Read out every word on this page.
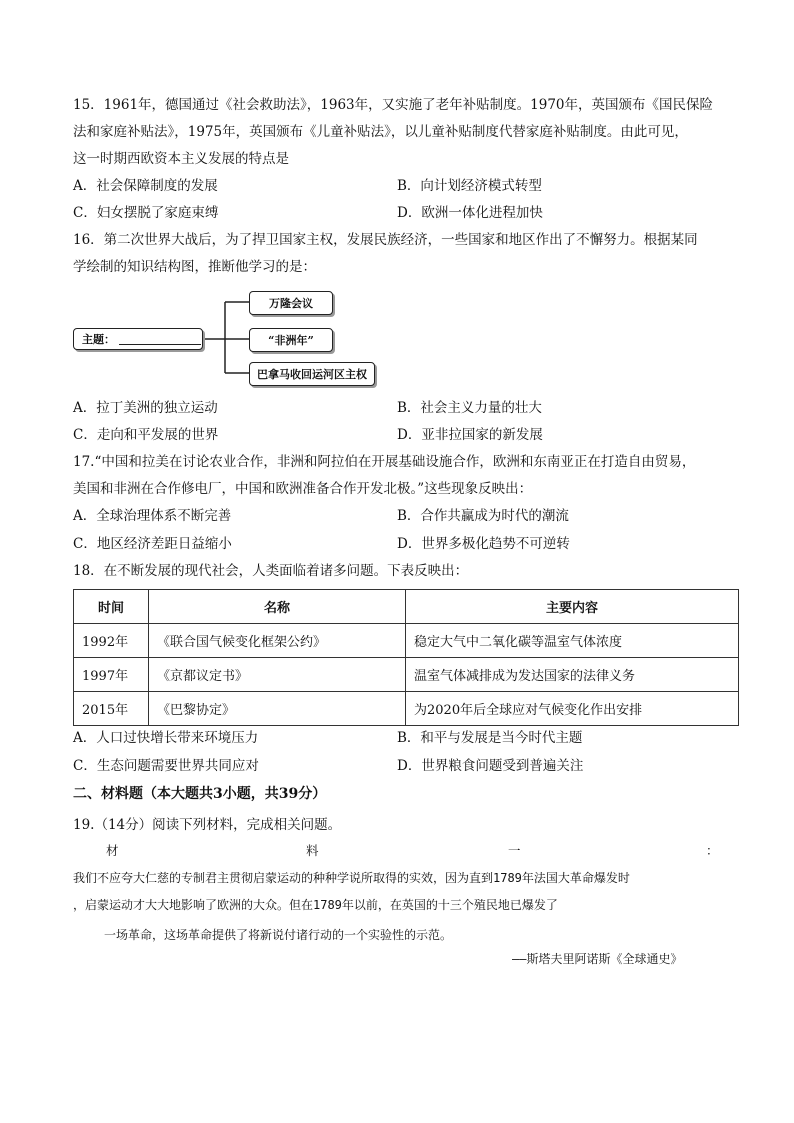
15．1961年，德国通过《社会救助法》，1963年，又实施了老年补贴制度。1970年，英国颁布《国民保险
法和家庭补贴法》，1975年，英国颁布《儿童补贴法》，以儿童补贴制度代替家庭补贴制度。由此可见，
这一时期西欧资本主义发展的特点是
A．社会保障制度的发展	B．向计划经济模式转型
C．妇女摆脱了家庭束缚	D．欧洲一体化进程加快
16．第二次世界大战后，为了捍卫国家主权，发展民族经济，一些国家和地区作出了不懈努力。根据某同
学绘制的知识结构图，推断他学习的是：
主题：
万隆会议
“非洲年”
巴拿马收回运河区主权
A．拉丁美洲的独立运动	B．社会主义力量的壮大
C．走向和平发展的世界	D．亚非拉国家的新发展
17.“中国和拉美在讨论农业合作，非洲和阿拉伯在开展基础设施合作，欧洲和东南亚正在打造自由贸易，
美国和非洲在合作修电厂，中国和欧洲准备合作开发北极。”这些现象反映出：
A．全球治理体系不断完善	B．合作共赢成为时代的潮流
C．地区经济差距日益缩小	D．世界多极化趋势不可逆转
18．在不断发展的现代社会，人类面临着诸多问题。下表反映出：
时间	名称	主要内容
1992年	《联合国气候变化框架公约》	稳定大气中二氧化碳等温室气体浓度
1997年	《京都议定书》	温室气体减排成为发达国家的法律义务
2015年	《巴黎协定》	为2020年后全球应对气候变化作出安排
A．人口过快增长带来环境压力	B．和平与发展是当今时代主题
C．生态问题需要世界共同应对	D．世界粮食问题受到普遍关注
二、材料题（本大题共3小题，共39分）
19.（14分）阅读下列材料，完成相关问题。
材	料	一	：
我们不应夸大仁慈的专制君主贯彻启蒙运动的种种学说所取得的实效，因为直到1789年法国大革命爆发时
，启蒙运动才大大地影响了欧洲的大众。但在1789年以前，在英国的十三个殖民地已爆发了
一场革命，这场革命提供了将新说付诸行动的一个实验性的示范。
——斯塔夫里阿诺斯《全球通史》
